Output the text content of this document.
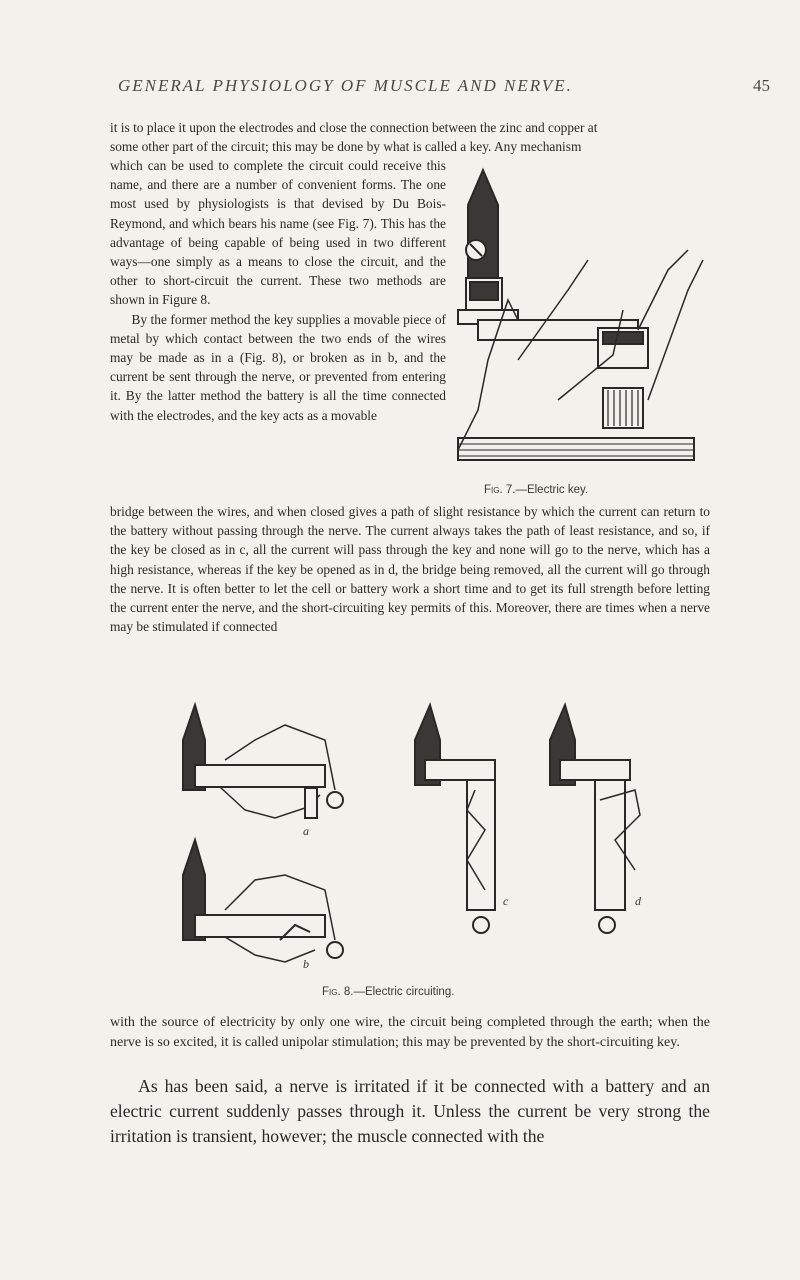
GENERAL PHYSIOLOGY OF MUSCLE AND NERVE.	45

it is to place it upon the electrodes and close the connection between the zinc and copper at

some other part of the circuit; this may be done by what is called a key. Any mechanism

which can be used to complete the circuit could receive this name, and there are a number of convenient forms. The one most used by physiologists is that devised by Du Bois-Reymond, and which bears his name (see Fig. 7). This has the advantage of being capable of being used in two different ways—one simply as a means to close the circuit, and the other to short-circuit the current. These two methods are shown in Figure 8.

By the former method the key supplies a movable piece of metal by which contact between the two ends of the wires may be made as in a (Fig. 8), or broken as in b, and the current be sent through the nerve, or prevented from entering it. By the latter method the battery is all the time connected with the electrodes, and the key acts as a movable

bridge between the wires, and when closed gives a path of slight resistance by which the current can return to the battery without passing through the nerve. The current always takes the path of least resistance, and so, if the key be closed as in c, all the current will pass through the key and none will go to the nerve, which has a high resistance, whereas if the key be opened as in d, the bridge being removed, all the current will go through the nerve. It is often better to let the cell or battery work a short time and to get its full strength before letting the current enter the nerve, and the short-circuiting key permits of this. Moreover, there are times when a nerve may be stimulated if connected

Fig. 7.—Electric key.
a
b
c	d
Fig. 8.—Electric circuiting.

with the source of electricity by only one wire, the circuit being completed through the earth; when the nerve is so excited, it is called unipolar stimulation; this may be prevented by the short-circuiting key.

As has been said, a nerve is irritated if it be connected with a battery and an electric current suddenly passes through it. Unless the current be very strong the irritation is transient, however; the muscle connected with the
